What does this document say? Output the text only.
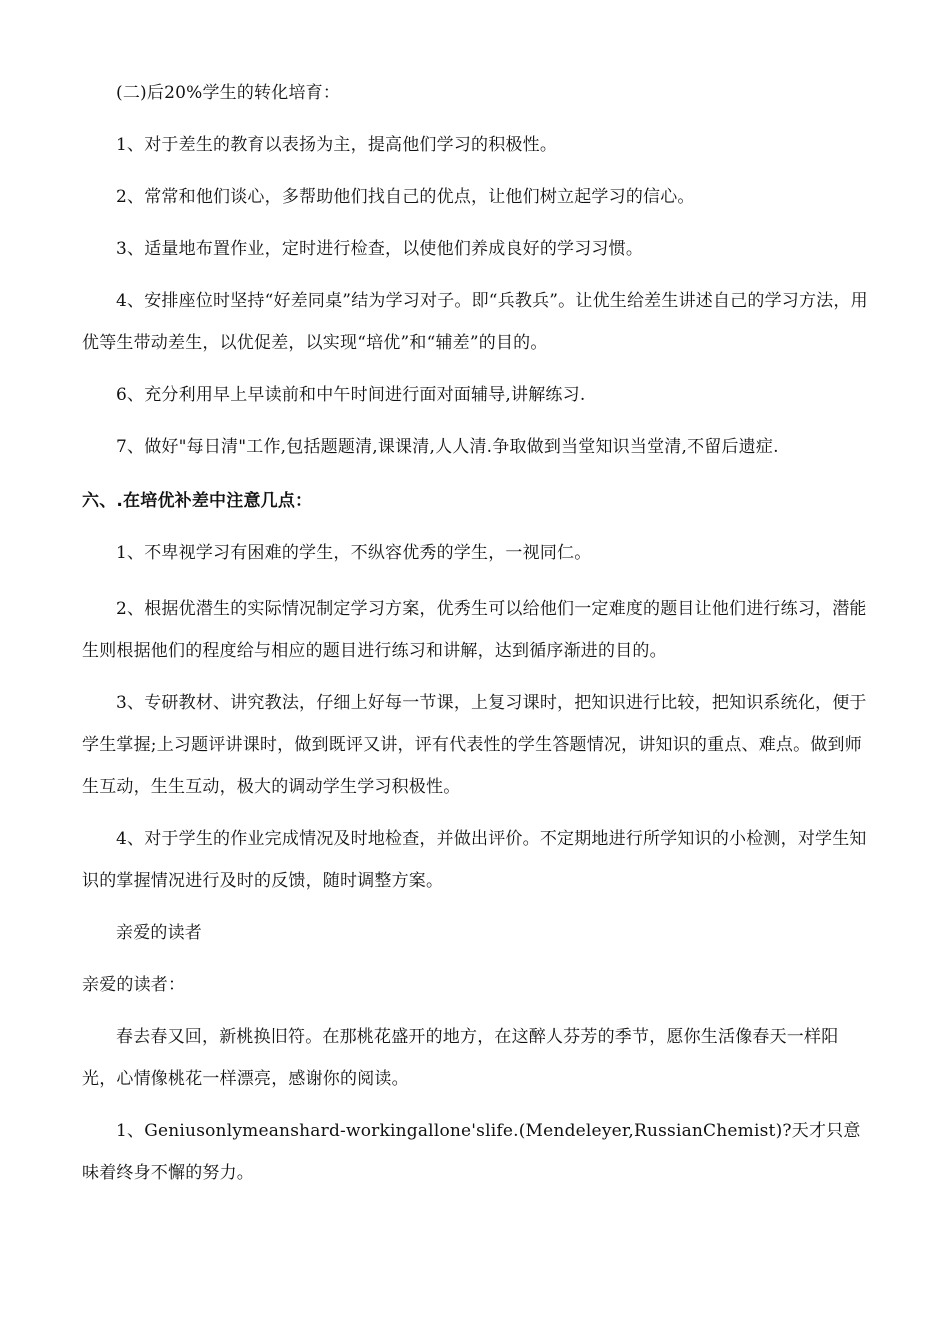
(二)后20%学生的转化培育：

1、对于差生的教育以表扬为主，提高他们学习的积极性。

2、常常和他们谈心，多帮助他们找自己的优点，让他们树立起学习的信心。

3、适量地布置作业，定时进行检查，以使他们养成良好的学习习惯。

4、安排座位时坚持“好差同桌”结为学习对子。即“兵教兵”。让优生给差生讲述自己的学习方法，用优等生带动差生，以优促差，以实现“培优”和“辅差”的目的。

6、充分利用早上早读前和中午时间进行面对面辅导,讲解练习.

7、做好"每日清"工作,包括题题清,课课清,人人清.争取做到当堂知识当堂清,不留后遗症.

六、.在培优补差中注意几点：

1、不卑视学习有困难的学生，不纵容优秀的学生，一视同仁。

2、根据优潜生的实际情况制定学习方案，优秀生可以给他们一定难度的题目让他们进行练习，潜能生则根据他们的程度给与相应的题目进行练习和讲解，达到循序渐进的目的。

3、专研教材、讲究教法，仔细上好每一节课，上复习课时，把知识进行比较，把知识系统化，便于学生掌握;上习题评讲课时，做到既评又讲，评有代表性的学生答题情况，讲知识的重点、难点。做到师生互动，生生互动，极大的调动学生学习积极性。

4、对于学生的作业完成情况及时地检查，并做出评价。不定期地进行所学知识的小检测，对学生知识的掌握情况进行及时的反馈，随时调整方案。

亲爱的读者

亲爱的读者：

春去春又回，新桃换旧符。在那桃花盛开的地方，在这醉人芬芳的季节，愿你生活像春天一样阳光，心情像桃花一样漂亮，感谢你的阅读。

1、Geniusonlymeanshard-workingallone'slife.(Mendeleyer,RussianChemist)?天才只意味着终身不懈的努力。
